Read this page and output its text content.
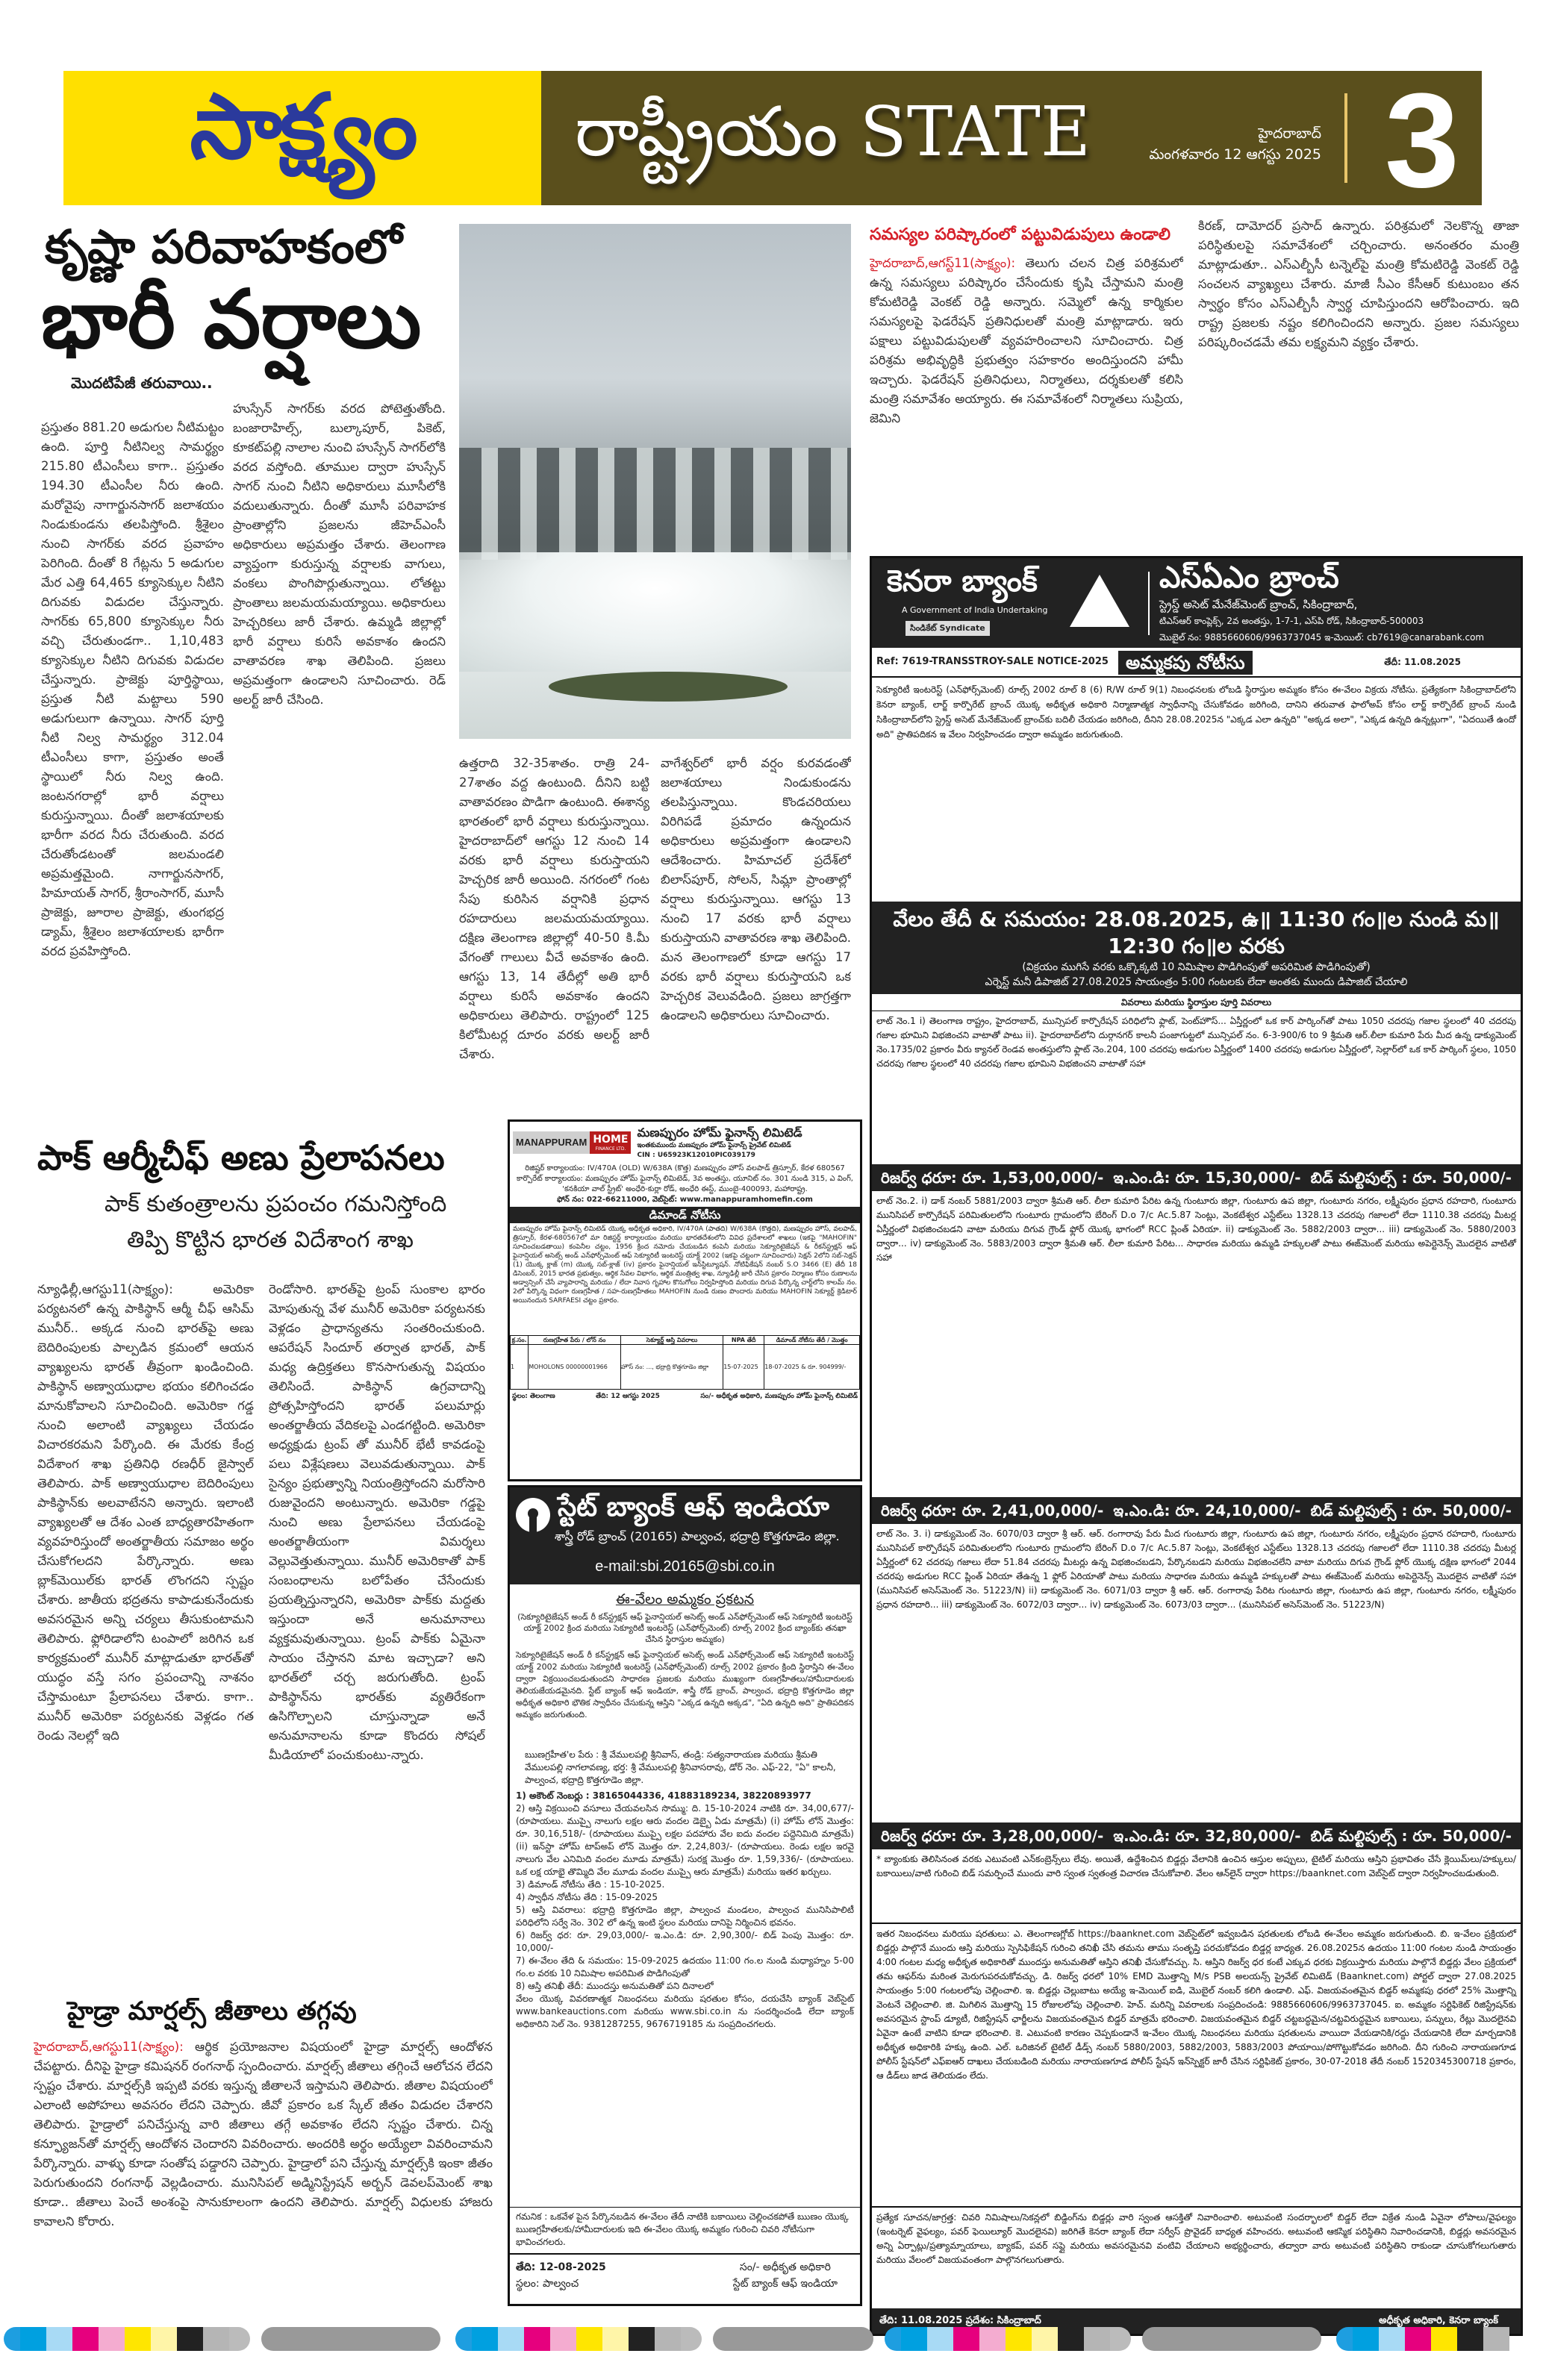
సాక్ష్యం రాష్ట్రీయం STATE	హైదరాబాద్
మంగళవారం 12 ఆగస్టు 2025 3
కృష్ణా పరివాహకంలో
భారీ వర్షాలు
మొదటిపేజీ తరువాయి..
ప్రస్తుతం 881.20 అడుగుల నీటిమట్టం ఉంది. పూర్తి నీటినిల్వ సామర్థ్యం 215.80 టీఎంసీలు కాగా.. ప్రస్తుతం 194.30 టీఎంసీల నీరు ఉంది. మరోవైపు నాగార్జునసాగర్ జలాశయం నిండుకుండను తలపిస్తోంది. శ్రీశైలం నుంచి సాగర్‌కు వరద ప్రవాహం పెరిగింది. దీంతో 8 గేట్లను 5 అడుగుల మేర ఎత్తి 64,465 క్యూసెక్కుల నీటిని దిగువకు విడుదల చేస్తున్నారు. సాగర్‌కు 65,800 క్యూసెక్కుల నీరు వచ్చి చేరుతుండగా.. 1,10,483 క్యూసెక్కుల నీటిని దిగువకు విడుదల చేస్తున్నారు. ప్రాజెక్టు పూర్తిస్థాయి, ప్రస్తుత నీటి మట్టాలు 590 అడుగులుగా ఉన్నాయి. సాగర్ పూర్తి నీటి నిల్వ సామర్థ్యం 312.04 టీఎంసీలు కాగా, ప్రస్తుతం అంతే స్థాయిలో నీరు నిల్వ ఉంది. జంటనగరాల్లో భారీ వర్షాలు కురుస్తున్నాయి. దీంతో జలాశయాలకు భారీగా వరద నీరు చేరుతుంది. వరద చేరుతోండటంతో జలమండలి అప్రమత్తమైంది. నాగార్జునసాగర్, హిమాయత్ సాగర్, శ్రీరాంసాగర్, మూసీ ప్రాజెక్టు, జూరాల ప్రాజెక్టు, తుంగభద్ర డ్యామ్, శ్రీశైలం జలాశయాలకు భారీగా వరద ప్రవహిస్తోంది.
హుస్సేన్ సాగర్‌కు వరద పోటెత్తుతోంది. బంజారాహిల్స్, బుల్కాపూర్, పికెట్, కూకట్‌పల్లి నాలాల నుంచి హుస్సేన్ సాగర్‌లోకి వరద వస్తోంది. తూముల ద్వారా హుస్సేన్ సాగర్ నుంచి నీటిని అధికారులు మూసీలోకి వదులుతున్నారు. దీంతో మూసీ పరివాహక ప్రాంతాల్లోని ప్రజలను జీహెచ్ఎంసీ అధికారులు అప్రమత్తం చేశారు. తెలంగాణ వ్యాప్తంగా కురుస్తున్న వర్షాలకు వాగులు, వంకలు పొంగిపొర్లుతున్నాయి. లోతట్టు ప్రాంతాలు జలమయమయ్యాయి. అధికారులు హెచ్చరికలు జారీ చేశారు. ఉమ్మడి జిల్లాల్లో భారీ వర్షాలు కురిసే అవకాశం ఉందని వాతావరణ శాఖ తెలిపింది. ప్రజలు అప్రమత్తంగా ఉండాలని సూచించారు. రెడ్ అలర్ట్ జారీ చేసింది.
ఉత్తరాది 32-35శాతం. రాత్రి 24-27శాతం వద్ద ఉంటుంది. దీనిని బట్టి వాతావరణం పొడిగా ఉంటుంది. ఈశాన్య భారతంలో భారీ వర్షాలు కురుస్తున్నాయి. హైదరాబాద్‌లో ఆగస్టు 12 నుంచి 14 వరకు భారీ వర్షాలు కురుస్తాయని హెచ్చరిక జారీ అయింది. నగరంలో గంట సేపు కురిసిన వర్షానికి ప్రధాన రహదారులు జలమయమయ్యాయి. దక్షిణ తెలంగాణ జిల్లాల్లో 40-50 కి.మీ వేగంతో గాలులు వీచే అవకాశం ఉంది. ఆగస్టు 13, 14 తేదీల్లో అతి భారీ వర్షాలు కురిసే అవకాశం ఉందని అధికారులు తెలిపారు. రాష్ట్రంలో 125 కిలోమీటర్ల దూరం వరకు అలర్ట్ జారీ చేశారు.
వాగేశ్వర్‌లో భారీ వర్షం కురవడంతో జలాశయాలు నిండుకుండను తలపిస్తున్నాయి. కొండచరియలు విరిగిపడే ప్రమాదం ఉన్నందున అధికారులు అప్రమత్తంగా ఉండాలని ఆదేశించారు. హిమాచల్ ప్రదేశ్‌లో బిలాస్‌పూర్, సోలన్, సిమ్లా ప్రాంతాల్లో వర్షాలు కురుస్తున్నాయి. ఆగస్టు 13 నుంచి 17 వరకు భారీ వర్షాలు కురుస్తాయని వాతావరణ శాఖ తెలిపింది. మన తెలంగాణలో కూడా ఆగస్టు 17 వరకు భారీ వర్షాలు కురుస్తాయని ఒక హెచ్చరిక వెలువడింది. ప్రజలు జాగ్రత్తగా ఉండాలని అధికారులు సూచించారు.
సమస్యల పరిష్కారంలో పట్టువిడుపులు ఉండాలి
హైదరాబాద్,ఆగస్ట్11(సాక్ష్యం): తెలుగు చలన చిత్ర పరిశ్రమలో ఉన్న సమస్యలు పరిష్కారం చేసేందుకు కృషి చేస్తామని మంత్రి కోమటిరెడ్డి వెంకట్ రెడ్డి అన్నారు. సమ్మెలో ఉన్న కార్మికుల సమస్యలపై ఫెడరేషన్ ప్రతినిధులతో మంత్రి మాట్లాడారు. ఇరు పక్షాలు పట్టువిడుపులతో వ్యవహరించాలని సూచించారు. చిత్ర పరిశ్రమ అభివృద్ధికి ప్రభుత్వం సహకారం అందిస్తుందని హామీ ఇచ్చారు. ఫెడరేషన్ ప్రతినిధులు, నిర్మాతలు, దర్శకులతో కలిసి మంత్రి సమావేశం అయ్యారు. ఈ సమావేశంలో నిర్మాతలు సుప్రియ, జెమిని
కిరణ్, దామోదర్ ప్రసాద్ ఉన్నారు. పరిశ్రమలో నెలకొన్న తాజా పరిస్థితులపై సమావేశంలో చర్చించారు. అనంతరం మంత్రి మాట్లాడుతూ.. ఎస్ఎల్బీసీ టన్నెల్‌పై మంత్రి కోమటిరెడ్డి వెంకట్ రెడ్డి సంచలన వ్యాఖ్యలు చేశారు. మాజీ సీఎం కేసీఆర్ కుటుంబం తన స్వార్థం కోసం ఎస్ఎల్బీసీ స్వార్థ చూపిస్తుందని ఆరోపించారు. ఇది రాష్ట్ర ప్రజలకు నష్టం కలిగించిందని అన్నారు. ప్రజల సమస్యలు పరిష్కరించడమే తమ లక్ష్యమని వ్యక్తం చేశారు.
కెనరా బ్యాంక్
A Government of India Undertaking
సిండికేట్ Syndicate
ఎస్ఏఎం బ్రాంచ్
స్ట్రెస్డ్ అసెట్ మేనేజ్‌మెంట్ బ్రాంచ్, సికింద్రాబాద్,
టిఎస్ఆర్ కాంప్లెక్స్, 2వ అంతస్తు, 1-7-1, ఎస్‌పి రోడ్, సికింద్రాబాద్-500003
మొబైల్ నం: 9885660606/9963737045 ఇ-మెయిల్: cb7619@canarabank.com
Ref: 7619-TRANSSTROY-SALE NOTICE-2025 అమ్మకపు నోటీసు	తేదీ: 11.08.2025
సెక్యూరిటీ ఇంటరెస్ట్ (ఎన్‌ఫోర్స్‌మెంట్) రూల్స్ 2002 రూల్ 8 (6) R/W రూల్ 9(1) నిబంధనలకు లోబడి స్థిరాస్తుల అమ్మకం కోసం ఈ-వేలం విక్రయ నోటీసు. ప్రత్యేకంగా సికింద్రాబాద్‌లోని కెనరా బ్యాంక్, లార్జ్ కార్పొరేట్ బ్రాంచ్ యొక్క అధీకృత అధికారి నిర్మాణాత్మక స్వాధీనాన్ని చేసుకోవడం జరిగింది, దానిని తరువాత ఫాలోఅప్ కోసం లార్జ్ కార్పొరేట్ బ్రాంచ్ నుండి సికింద్రాబాద్‌లోని స్ట్రెస్డ్ అసెట్ మేనేజ్‌మెంట్ బ్రాంచ్‌కు బదిలీ చేయడం జరిగింది, దీనిని 28.08.2025న "ఎక్కడ ఎలా ఉన్నది" "అక్కడ అలా", "ఎక్కడ ఉన్నది ఉన్నట్లుగా", "ఏదయితే ఉందో అది" ప్రాతిపదికన ఇ వేలం నిర్వహించడం ద్వారా అమ్మడం జరుగుతుంది.
వేలం తేదీ & సమయం: 28.08.2025, ఉ॥ 11:30 గం॥ల నుండి మ॥ 12:30 గం॥ల వరకు
(విక్రయం ముగిసే వరకు ఒక్కొక్కటి 10 నిమిషాల పొడిగింపుతో అపరిమిత పొడిగింపుతో)
ఎర్నెస్ట్ మనీ డిపాజిట్ 27.08.2025 సాయంత్రం 5:00 గంటలకు లేదా అంతకు ముందు డిపాజిట్ చేయాలి
వివరాలు మరియు స్థిరాస్తుల పూర్తి వివరాలు
లాట్ నెం.1 i) తెలంగాణ రాష్ట్రం, హైదరాబాద్, మున్సిపల్ కార్పొరేషన్ పరిధిలోని ఫ్లాట్, పెంట్‌హౌస్... ఏస్తీర్ణంలో ఒక కార్ పార్కింగ్‌తో పాటు 1050 చదరపు గజాల స్థలంలో 40 చదరపు గజాల భూమిని విభజించని వాటాతో పాటు ii). హైదరాబాద్‌లోని దుర్గానగర్ కాలనీ పంజాగుట్టలో మున్సిపల్ నం. 6-3-900/6 to 9 శ్రీమతి ఆర్.లీలా కుమారి పేరు మీద ఉన్న డాక్యుమెంట్ నెం.1735/02 ప్రకారం వీరు క్యానల్ రెండవ అంతస్తులోని ఫ్లాట్ నెం.204, 100 చదరపు అడుగుల ఏస్తీర్ణంలో 1400 చదరపు అడుగుల ఏస్తీర్ణంలో, సెల్లార్‌లో ఒక కార్ పార్కింగ్ స్థలం, 1050 చదరపు గజాల స్థలంలో 40 చదరపు గజాల భూమిని విభజించని వాటాతో సహా
రిజర్వ్ ధరూ: రూ. 1,53,00,000/- ఇ.ఎం.డి: రూ. 15,30,000/- బిడ్ మల్టిపుల్స్ : రూ. 50,000/-
లాట్ నెం.2. i) డాక్ నంబర్ 5881/2003 ద్వారా శ్రీమతి ఆర్. లీలా కుమారి పేరిట ఉన్న గుంటూరు జిల్లా, గుంటూరు ఉప జిల్లా, గుంటూరు నగరం, లక్ష్మీపురం ప్రధాన రహదారి, గుంటూరు మునిసిపల్ కార్పొరేషన్ పరిమితులలోని గుంటూరు గ్రామంలోని బేరింగ్ D.o 7/c Ac.5.87 సెంట్లు, వెంకటేశ్వర ఎస్టేట్‌లు 1328.13 చదరపు గజాలలో లేదా 1110.38 చదరపు మీటర్ల ఏస్తీర్ణంలో విభజించబడని వాటా మరియు దిగువ గ్రౌండ్ ఫ్లోర్ యొక్క భాగంలో RCC ప్లింత్ ఏరియా. ii) డాక్యుమెంట్ నెం. 5882/2003 ద్వారా... iii) డాక్యుమెంట్ నెం. 5880/2003 ద్వారా... iv) డాక్యుమెంట్ నెం. 5883/2003 ద్వారా శ్రీమతి ఆర్. లీలా కుమారి పేరిట... సాధారణ మరియు ఉమ్మడి హక్కులతో పాటు ఈజ్‌మెంట్ మరియు అపెర్టెనెన్స్ మొదలైన వాటితో సహా
రిజర్వ్ ధరూ: రూ. 2,41,00,000/- ఇ.ఎం.డి: రూ. 24,10,000/- బిడ్ మల్టిపుల్స్ : రూ. 50,000/-
లాట్ నెం. 3. i) డాక్యుమెంట్ నెం. 6070/03 ద్వారా శ్రీ ఆర్. ఆర్. రంగారావు పేరు మీద గుంటూరు జిల్లా, గుంటూరు ఉప జిల్లా, గుంటూరు నగరం, లక్ష్మీపురం ప్రధాన రహదారి, గుంటూరు మునిసిపల్ కార్పొరేషన్ పరిమితులలోని గుంటూరు గ్రామంలోని బేరింగ్ D.o 7/c Ac.5.87 సెంట్లు, వెంకటేశ్వర ఎస్టేట్‌లు 1328.13 చదరపు గజాలలో లేదా 1110.38 చదరపు మీటర్ల ఏస్తీర్ణంలో 62 చదరపు గజాలు లేదా 51.84 చదరపు మీటర్లు ఉన్న విభజించబడని, పేర్కొనబడని మరియు విభజించలేని వాటా మరియు దిగువ గ్రౌండ్ ఫ్లోర్ యొక్క దక్షిణ భాగంలో 2044 చదరపు అడుగుల RCC ప్లింత్ ఏరియా తేఉన్న 1 ఫ్లోర్ ఏరియాతో పాటు మరియు సాధారణ మరియు ఉమ్మడి హక్కులతో పాటు ఈజ్‌మెంట్ మరియు అపెర్టెనెన్స్ మొదలైన వాటితో సహా (మునిసిపల్ అసెస్‌మెంట్ నెం. 51223/N) ii) డాక్యుమెంట్ నెం. 6071/03 ద్వారా శ్రీ ఆర్. ఆర్. రంగారావు పేరిట గుంటూరు జిల్లా, గుంటూరు ఉప జిల్లా, గుంటూరు నగరం, లక్ష్మీపురం ప్రధాన రహదారి... iii) డాక్యుమెంట్ నెం. 6072/03 ద్వారా... iv) డాక్యుమెంట్ నెం. 6073/03 ద్వారా... (మునిసిపల్ అసెస్‌మెంట్ నెం. 51223/N)
రిజర్వ్ ధరూ: రూ. 3,28,00,000/- ఇ.ఎం.డి: రూ. 32,80,000/- బిడ్ మల్టిపుల్స్ : రూ. 50,000/-
* బ్యాంకుకు తెలిసినంత వరకు ఎటువంటి ఎన్‌కంబ్రెన్స్‌లు లేవు. అయితే, ఉద్దేశించిన బిడ్డర్లు వేలానికి ఉంచిన ఆస్తుల అప్పులు, టైటిల్ మరియు ఆస్తిని ప్రభావితం చేసే క్లెయిమ్‌లు/హక్కులు/బకాయిలు/వాటి గురించి బిడ్ సమర్పించే ముందు వారి స్వంత స్వతంత్ర విచారణ చేసుకోవాలి. వేలం ఆన్‌లైన్ ద్వారా https://baanknet.com వెబ్‌సైట్ ద్వారా నిర్వహించబడుతుంది.
ఇతర నిబంధనలు మరియు షరతులు: ఎ. తెలంగాణగ్లోబ్ https://baanknet.com వెబ్‌సైట్‌లో ఇవ్వబడిన షరతులకు లోబడి ఈ-వేలం అమ్మకం జరుగుతుంది. బి. ఇ-వేలం ప్రక్రియలో బిడ్డర్లు పాల్గొనే ముందు ఆస్తి మరియు స్పెసిఫికేషన్ గురించి తనిఖీ చేసి తమను తాము సంతృప్తి పరచుకోవడం బిడ్డర్ల బాధ్యత. 26.08.2025న ఉదయం 11:00 గంటల నుండి సాయంత్రం 4:00 గంటల మధ్య అధీకృత అధికారితో ముందస్తు అనుమతితో ఆస్తిని తనిఖీ చేసుకోవచ్చు. సి. ఆస్తిని రిజర్వ్ ధర కంటే ఎక్కువ ధరకు విక్రయిస్తారు మరియు పాల్గొనే బిడ్డర్లు వేలం ప్రక్రియలో తమ ఆఫర్‌ను మరింత మెరుగుపరచుకోవచ్చు. డి. రిజర్వ్ ధరలో 10% EMD మొత్తాన్ని M/s PSB అలయన్స్ ప్రైవేట్ లిమిటెడ్ (Baanknet.com) పోర్టల్ ద్వారా 27.08.2025 సాయంత్రం 5:00 గంటలలోపు చెల్లించాలి. ఇ. బిడ్డర్లు చెల్లుబాటు అయ్యే ఇ-మెయిల్ ఐడి, మొబైల్ నంబర్ కలిగి ఉండాలి. ఎఫ్. విజయవంతమైన బిడ్డర్ అమ్మకపు ధరలో 25% మొత్తాన్ని వెంటనే చెల్లించాలి. జి. మిగిలిన మొత్తాన్ని 15 రోజులలోపు చెల్లించాలి. హెచ్. మరిన్ని వివరాలకు సంప్రదించండి: 9885660606/9963737045. ఐ. అమ్మకం సర్టిఫికెట్ రిజిస్ట్రేషన్‌కు అవసరమైన స్టాంప్ డ్యూటీ, రిజిస్ట్రేషన్ ఛార్జీలను విజయవంతమైన బిడ్డర్ మాత్రమే భరించాలి. విజయవంతమైన బిడ్డర్ చట్టబద్ధమైన/చట్టవిరుద్ధమైన బకాయిలు, పన్నులు, రేట్లు మొదలైనవి ఏవైనా ఉంటే వాటిని కూడా భరించాలి. కె. ఎటువంటి కారణం చెప్పకుండానే ఇ-వేలం యొక్క నిబంధనలు మరియు షరతులను వాయిదా వేయడానికి/రద్దు చేయడానికి లేదా మార్చడానికి అధీకృత అధికారికి హక్కు ఉంది. ఎల్. ఒరిజినల్ టైటిల్ డీడ్స్ నంబర్ 5880/2003, 5882/2003, 5883/2003 పోయాయి/పోగొట్టుకోవడం జరిగింది. దీని గురించి నారాయణగూడ పోలీస్ స్టేషన్‌లో ఎఫ్ఐఆర్ దాఖలు చేయబడింది మరియు నారాయణగూడ పోలీస్ స్టేషన్ ఇన్‌స్పెక్టర్ జారీ చేసిన సర్టిఫికెట్ ప్రకారం, 30-07-2018 తేదీ నంబర్ 1520345300718 ప్రకారం, ఆ డీడ్‌లు జాడ తెలియడం లేదు.
ప్రత్యేక సూచన/జాగ్రత్త: చివరి నిమిషాలు/సెకన్లలో బిడ్డింగ్‌ను బిడ్డర్లు వారి స్వంత ఆసక్తితో నివారించాలి. అటువంటి సందర్భాలలో బిడ్డర్ లేదా విక్రేత నుండి ఏవైనా లోపాలు/వైఫల్యం (ఇంటర్నెట్ వైఫల్యం, పవర్ ఫెయిల్యూర్ మొదలైనవి) జరిగితే కెనరా బ్యాంక్ లేదా సర్వీస్ ప్రొవైడర్ బాధ్యత వహించరు. అటువంటి ఆకస్మిక పరిస్థితిని నివారించడానికి, బిడ్డర్లు అవసరమైన అన్ని ఏర్పాట్లు/ప్రత్యామ్నాయాలు, బ్యాకప్, పవర్ సప్లై మరియు అవసరమైనవి వంటివి చేయాలని అభ్యర్థించారు, తద్వారా వారు అటువంటి పరిస్థితిని రాకుండా చూసుకోగలుగుతారు మరియు వేలంలో విజయవంతంగా పాల్గొనగలుగుతారు.
తేది: 11.08.2025 ప్రదేశం: సికింద్రాబాద్	అధీకృత అధికారి, కెనరా బ్యాంక్
పాక్ ఆర్మీచీఫ్ అణు ప్రేలాపనలు
పాక్ కుతంత్రాలను ప్రపంచం గమనిస్తోంది
తిప్పి కొట్టిన భారత విదేశాంగ శాఖ
న్యూఢిల్లీ,ఆగస్టు11(సాక్ష్యం): అమెరికా పర్యటనలో ఉన్న పాకిస్థాన్ ఆర్మీ చీఫ్ ఆసిమ్ మునీర్.. అక్కడ నుంచి భారత్‌పై అణు బెదిరింపులకు పాల్పడిన క్రమంలో ఆయన వ్యాఖ్యలను భారత్ తీవ్రంగా ఖండించింది. పాకిస్థాన్ అణ్వాయుధాల భయం కలిగించడం మానుకోవాలని సూచించింది. అమెరికా గడ్డ నుంచి అలాంటి వ్యాఖ్యలు చేయడం విచారకరమని పేర్కొంది. ఈ మేరకు కేంద్ర విదేశాంగ శాఖ ప్రతినిధి రణధీర్ జైస్వాల్ తెలిపారు. పాక్ అణ్వాయుధాల బెదిరింపులు పాకిస్థాన్‌కు అలవాటేనని అన్నారు. ఇలాంటి వ్యాఖ్యలతో ఆ దేశం ఎంత బాధ్యతారహితంగా వ్యవహరిస్తుందో అంతర్జాతీయ సమాజం అర్థం చేసుకోగలదని పేర్కొన్నారు. అణు బ్లాక్‌మెయిల్‌కు భారత్ లొంగదని స్పష్టం చేశారు. జాతీయ భద్రతను కాపాడుకునేందుకు అవసరమైన అన్ని చర్యలు తీసుకుంటామని తెలిపారు. ఫ్లోరిడాలోని టంపాలో జరిగిన ఒక కార్యక్రమంలో మునీర్ మాట్లాడుతూ భారత్‌తో యుద్ధం వస్తే సగం ప్రపంచాన్ని నాశనం చేస్తామంటూ ప్రేలాపనలు చేశారు. కాగా.. మునీర్ అమెరికా పర్యటనకు వెళ్లడం గత రెండు నెలల్లో ఇది
రెండోసారి. భారత్‌పై ట్రంప్ సుంకాల భారం మోపుతున్న వేళ మునీర్ అమెరికా పర్యటనకు వెళ్లడం ప్రాధాన్యతను సంతరించుకుంది. ఆపరేషన్ సిందూర్ తర్వాత భారత్, పాక్ మధ్య ఉద్రిక్తతలు కొనసాగుతున్న విషయం తెలిసిందే. పాకిస్థాన్ ఉగ్రవాదాన్ని ప్రోత్సహిస్తోందని భారత్ పలుమార్లు అంతర్జాతీయ వేదికలపై ఎండగట్టింది. అమెరికా అధ్యక్షుడు ట్రంప్ తో మునీర్ భేటీ కావడంపై పలు విశ్లేషణలు వెలువడుతున్నాయి. పాక్ సైన్యం ప్రభుత్వాన్ని నియంత్రిస్తోందని మరోసారి రుజువైందని అంటున్నారు. అమెరికా గడ్డపై నుంచి అణు ప్రేలాపనలు చేయడంపై అంతర్జాతీయంగా విమర్శలు వెల్లువెత్తుతున్నాయి. మునీర్ అమెరికాతో పాక్ సంబంధాలను బలోపేతం చేసేందుకు ప్రయత్నిస్తున్నారని, అమెరికా పాక్‌కు మద్దతు ఇస్తుందా అనే అనుమానాలు వ్యక్తమవుతున్నాయి. ట్రంప్ పాక్‌కు ఏమైనా సాయం చేస్తానని మాట ఇచ్చాడా? అని భారత్‌లో చర్చ జరుగుతోంది. ట్రంప్ పాకిస్థాన్‌ను భారత్‌కు వ్యతిరేకంగా ఉసిగొల్పాలని చూస్తున్నాడా అనే అనుమానాలను కూడా కొందరు సోషల్ మీడియాలో పంచుకుంటు-న్నారు.
హైడ్రా మార్షల్స్ జీతాలు తగ్గవు
హైదరాబాద్,ఆగస్టు11(సాక్ష్యం): ఆర్థిక ప్రయోజనాల విషయంలో హైడ్రా మార్షల్స్ ఆందోళన చేపట్టారు. దీనిపై హైడ్రా కమిషనర్ రంగనాథ్ స్పందించారు. మార్షల్స్ జీతాలు తగ్గించే ఆలోచన లేదని స్పష్టం చేశారు. మార్షల్స్‌కి ఇప్పటి వరకు ఇస్తున్న జీతాలనే ఇస్తామని తెలిపారు. జీతాల విషయంలో ఎలాంటి అపోహలు అవసరం లేదని చెప్పారు. జీవో ప్రకారం ఒక స్కేల్ జీతం విడుదల చేశారని తెలిపారు. హైడ్రాలో పనిచేస్తున్న వారి జీతాలు తగ్గే అవకాశం లేదని స్పష్టం చేశారు. చిన్న కన్ఫ్యూజన్‌తో మార్షల్స్ ఆందోళన చెందారని వివరించారు. అందరికి అర్థం అయ్యేలా వివరించామని పేర్కొన్నారు. వాళ్ళు కూడా సంతోష పడ్డారని చెప్పారు. హైడ్రాలో పని చేస్తున్న మార్షల్స్‌కి ఇంకా జీతం పెరుగుతుందని రంగనాథ్ వెల్లడించారు. మునిసిపల్ అడ్మినిస్ట్రేషన్ అర్బన్ డెవలప్‌మెంట్ శాఖ కూడా.. జీతాలు పెంచే అంశంపై సానుకూలంగా ఉందని తెలిపారు. మార్షల్స్ విధులకు హాజరు కావాలని కోరారు.
MANAPPURAM HOME
FINANCE LTD.
మణప్పురం హోమ్ ఫైనాన్స్ లిమిటెడ్
ఇంతకుముందు మణప్పురం హోమ్ ఫైనాన్స్ ప్రైవేట్ లిమిటెడ్
CIN : U65923K12010PIC039179
రిజిష్టర్ కార్యాలయం: IV/470A (OLD) W/638A (కొత్త) మణప్పురం హౌస్ వలపాడ్ త్రిస్సూర్, కేరళ 680567
కార్పొరేట్ కార్యాలయం: మణప్పురం హోమ్ ఫైనాన్స్ లిమిటెడ్, 3వ అంతస్తు, యూనిట్ నం. 301 నుండి 315, ఎ వింగ్, 'కనకియా వాల్ స్ట్రీట్' అంధేరి-కుర్లా రోడ్, అంధేరి ఈస్ట్, ముంబై-400093, మహారాష్ట్ర.
ఫోన్ నం: 022-66211000, వెబ్‌సైట్: www.manappuramhomefin.com
డిమాండ్ నోటీసు
మణప్పురం హోమ్ ఫైనాన్స్ లిమిటెడ్ యొక్క అధీకృత అధికారి, IV/470A (పాతది) W/638A (కొత్తది), మణప్పురం హౌస్, వలపాడ్, త్రిస్సూర్, కేరళ-680567లో మా రిజిస్టర్డ్ కార్యాలయం మరియు భారతదేశంలోని వివిధ ప్రదేశాలలో శాఖలు (ఇకపై "MAHOFIN" సూచించబడతాయి) కంపెనీల చట్టం, 1956 క్రింద నమోదు చేయబడిన కంపెనీ మరియు సెక్యూరిటైజేషన్ & రీకన్‌స్ట్రక్షన్ ఆఫ్ ఫైనాన్షియల్ అసెట్స్ అండ్ ఎన్‌ఫోర్స్‌మెంట్ ఆఫ్ సెక్యూరిటీ ఇంటరెస్ట్ యాక్ట్ 2002 (ఇకపై చట్టంగా సూచించారు) సెక్షన్ 2లోని సబ్-సెక్షన్ (1) యొక్క క్లాజ్ (m) యొక్క సబ్-క్లాజ్ (iv) ప్రకారం ఫైనాన్షియల్ ఇన్‌స్టిట్యూషన్. నోటిఫికేషన్ నంబర్ S.O 3466 (E) తేదీ 18 డిసెంబర్, 2015 భారత ప్రభుత్వం, ఆర్థిక సేవల విభాగం, ఆర్థిక మంత్రిత్వ శాఖ, న్యూఢిల్లీ జారీ చేసిన ప్రకారం నిర్మాణం కోసం రుణాలను అడ్వాన్సింగ్ చేసే వ్యాపారాన్ని మరియు / లేదా నివాస గృహాల కొనుగోలు నిర్వహిస్తోంది మరియు దిగువ పేర్కొన్న చార్ట్‌లోని కాలమ్ నం. 2లో పేర్కొన్న విధంగా రుణగ్రహీత / సహ-రుణగ్రహీతలు MAHOFIN నుండి రుణం పొందారు మరియు MAHOFIN సెక్యూర్డ్ క్రెడిటార్ అయినందున SARFAESI చట్టం ప్రకారం.
క్ర.సం.	రుణగ్రహీత పేరు / లోన్ నం	సెక్యూర్డ్ ఆస్తి వివరాలు	NPA తేదీ	డిమాండ్ నోటీసు తేదీ / మొత్తం
1	MOHOLONS 00000001966	హౌస్ నం: ..., భద్రాద్రి కొత్తగూడెం జిల్లా	15-07-2025	18-07-2025 & రూ. 904999/-
స్థలం: తెలంగాణ	తేది: 12 ఆగస్టు 2025	సం/- అధీకృత అధికారి, మణప్పురం హోమ్ ఫైనాన్స్ లిమిటెడ్
స్టేట్ బ్యాంక్ ఆఫ్ ఇండియా
శాస్త్రీ రోడ్ బ్రాంచ్ (20165) పాల్వంచ, భద్రాద్రి కొత్తగూడెం జిల్లా.
e-mail:sbi.20165@sbi.co.in
ఈ-వేలం అమ్మకం ప్రకటన
(సెక్యూరిటైజేషన్ అండ్ రీ కన్‌స్ట్రక్షన్ ఆఫ్ ఫైనాన్షియల్ అసెట్స్ అండ్ ఎన్‌ఫోర్స్‌మెంట్ ఆఫ్ సెక్యూరిటీ ఇంటరెస్ట్ యాక్ట్ 2002 క్రింద మరియు సెక్యూరిటీ ఇంటరెస్ట్ (ఎన్‌ఫోర్స్‌మెంట్) రూల్స్ 2002 క్రింద బ్యాంక్‌కు తనఖా చేసిన స్థిరాస్తుల అమ్మకం)
సెక్యూరిటైజేషన్ అండ్ రీ కన్‌స్ట్రక్షన్ ఆఫ్ ఫైనాన్షియల్ అసెట్స్ అండ్ ఎన్‌ఫోర్స్‌మెంట్ ఆఫ్ సెక్యూరిటీ ఇంటరెస్ట్ యాక్ట్ 2002 మరియు సెక్యూరిటీ ఇంటరెస్ట్ (ఎన్‌ఫోర్స్‌మెంట్) రూల్స్ 2002 ప్రకారం క్రింది స్థిరాస్తిని ఈ-వేలం ద్వారా విక్రయించబడుతుందని సాధారణ ప్రజలకు మరియు ముఖ్యంగా రుణగ్రహీతలు/హామీదారులకు తెలియజేయడమైనది. స్టేట్ బ్యాంక్ ఆఫ్ ఇండియా, శాస్త్రీ రోడ్ బ్రాంచ్, పాల్వంచ, భద్రాద్రి కొత్తగూడెం జిల్లా అధీకృత అధికారి భౌతిక స్వాధీనం చేసుకున్న ఆస్తిని "ఎక్కడ ఉన్నది అక్కడ", "ఏది ఉన్నది అది" ప్రాతిపదికన అమ్మకం జరుగుతుంది.
ఋణగ్రహీత'ల పేరు : శ్రీ వేములపల్లి శ్రీనివాస్, తండ్రి: సత్యనారాయణ మరియు శ్రీమతి వేములపల్లి నాగలావణ్య, భర్త: శ్రీ వేములపల్లి శ్రీనివాసరావు, డోర్ నెం. ఎఫ్-22, "ఏ" కాలనీ, పాల్వంచ, భద్రాద్రి కొత్తగూడెం జిల్లా.
1) అకౌంట్ నెంబర్లు : 38165044336, 41883189234, 38220893977
2) ఆస్తి విక్రయించి వసూలు చేయవలసిన సొమ్ము: ది. 15-10-2024 నాటికి రూ. 34,00,677/- (రూపాయలు. ముప్పై నాలుగు లక్షల ఆరు వందల డెబ్బై ఏడు మాత్రమే) (i) హోమ్ లోన్ మొత్తం: రూ. 30,16,518/- (రూపాయలు ముప్పై లక్షల పదహారు వేల ఐదు వందల పద్దెనిమిది మాత్రమే) (ii) ఇన్‌స్టా హోమ్ టాప్అప్ లోన్ మొత్తం రూ. 2,24,803/- (రూపాయలు. రెండు లక్షల ఇరవై నాలుగు వేల ఎనిమిది వందల మూడు మాత్రమే) సురక్ష మొత్తం రూ. 1,59,336/- (రూపాయలు. ఒక లక్ష యాభై తొమ్మిది వేల మూడు వందల ముప్పై ఆరు మాత్రమే) మరియు ఇతర ఖర్చులు.
3) డిమాండ్ నోటీసు తేది : 15-10-2025.
4) స్వాధీన నోటీసు తేది : 15-09-2025
5) ఆస్తి వివరాలు: భద్రాద్రి కొత్తగూడెం జిల్లా, పాల్వంచ మండలం, పాల్వంచ మునిసిపాలిటీ పరిధిలోని సర్వే నెం. 302 లో ఉన్న ఇంటి స్థలం మరియు దానిపై నిర్మించిన భవనం.
6) రిజర్వ్ ధర: రూ. 29,03,000/- ఇ.ఎం.డి: రూ. 2,90,300/- బిడ్ పెంపు మొత్తం: రూ. 10,000/-
7) ఈ-వేలం తేది & సమయం: 15-09-2025 ఉదయం 11:00 గం.ల నుండి మధ్యాహ్నం 5-00 గం.ల వరకు 10 నిమిషాల అపరిమిత పొడిగింపుతో
8) ఆస్తి తనిఖీ తేదీ: ముందస్తు అనుమతితో పని దినాలలో
వేలం యొక్క వివరణాత్మక నిబంధనలు మరియు షరతుల కోసం, దయచేసి బ్యాంక్ వెబ్‌సైట్ www.bankeauctions.com మరియు www.sbi.co.in ను సందర్శించండి లేదా బ్యాంక్ అధికారిని సెల్ నెం. 9381287255, 9676719185 ను సంప్రదించగలరు.
గమనిక : ఒకవేళ పైన పేర్కొనబడిన ఈ-వేలం తేదీ నాటికి బకాయిలు చెల్లించకపోతే ఋణం యొక్క ఋణగ్రహీతలకు/హామీదారులకు ఇది ఈ-వేలం యొక్క అమ్మకం గురించి చివరి నోటీసుగా భావించగలరు.
తేది: 12-08-2025
స్థలం: పాల్వంచ
సం/- అధీకృత అధికారి
స్టేట్ బ్యాంక్ ఆఫ్ ఇండియా
